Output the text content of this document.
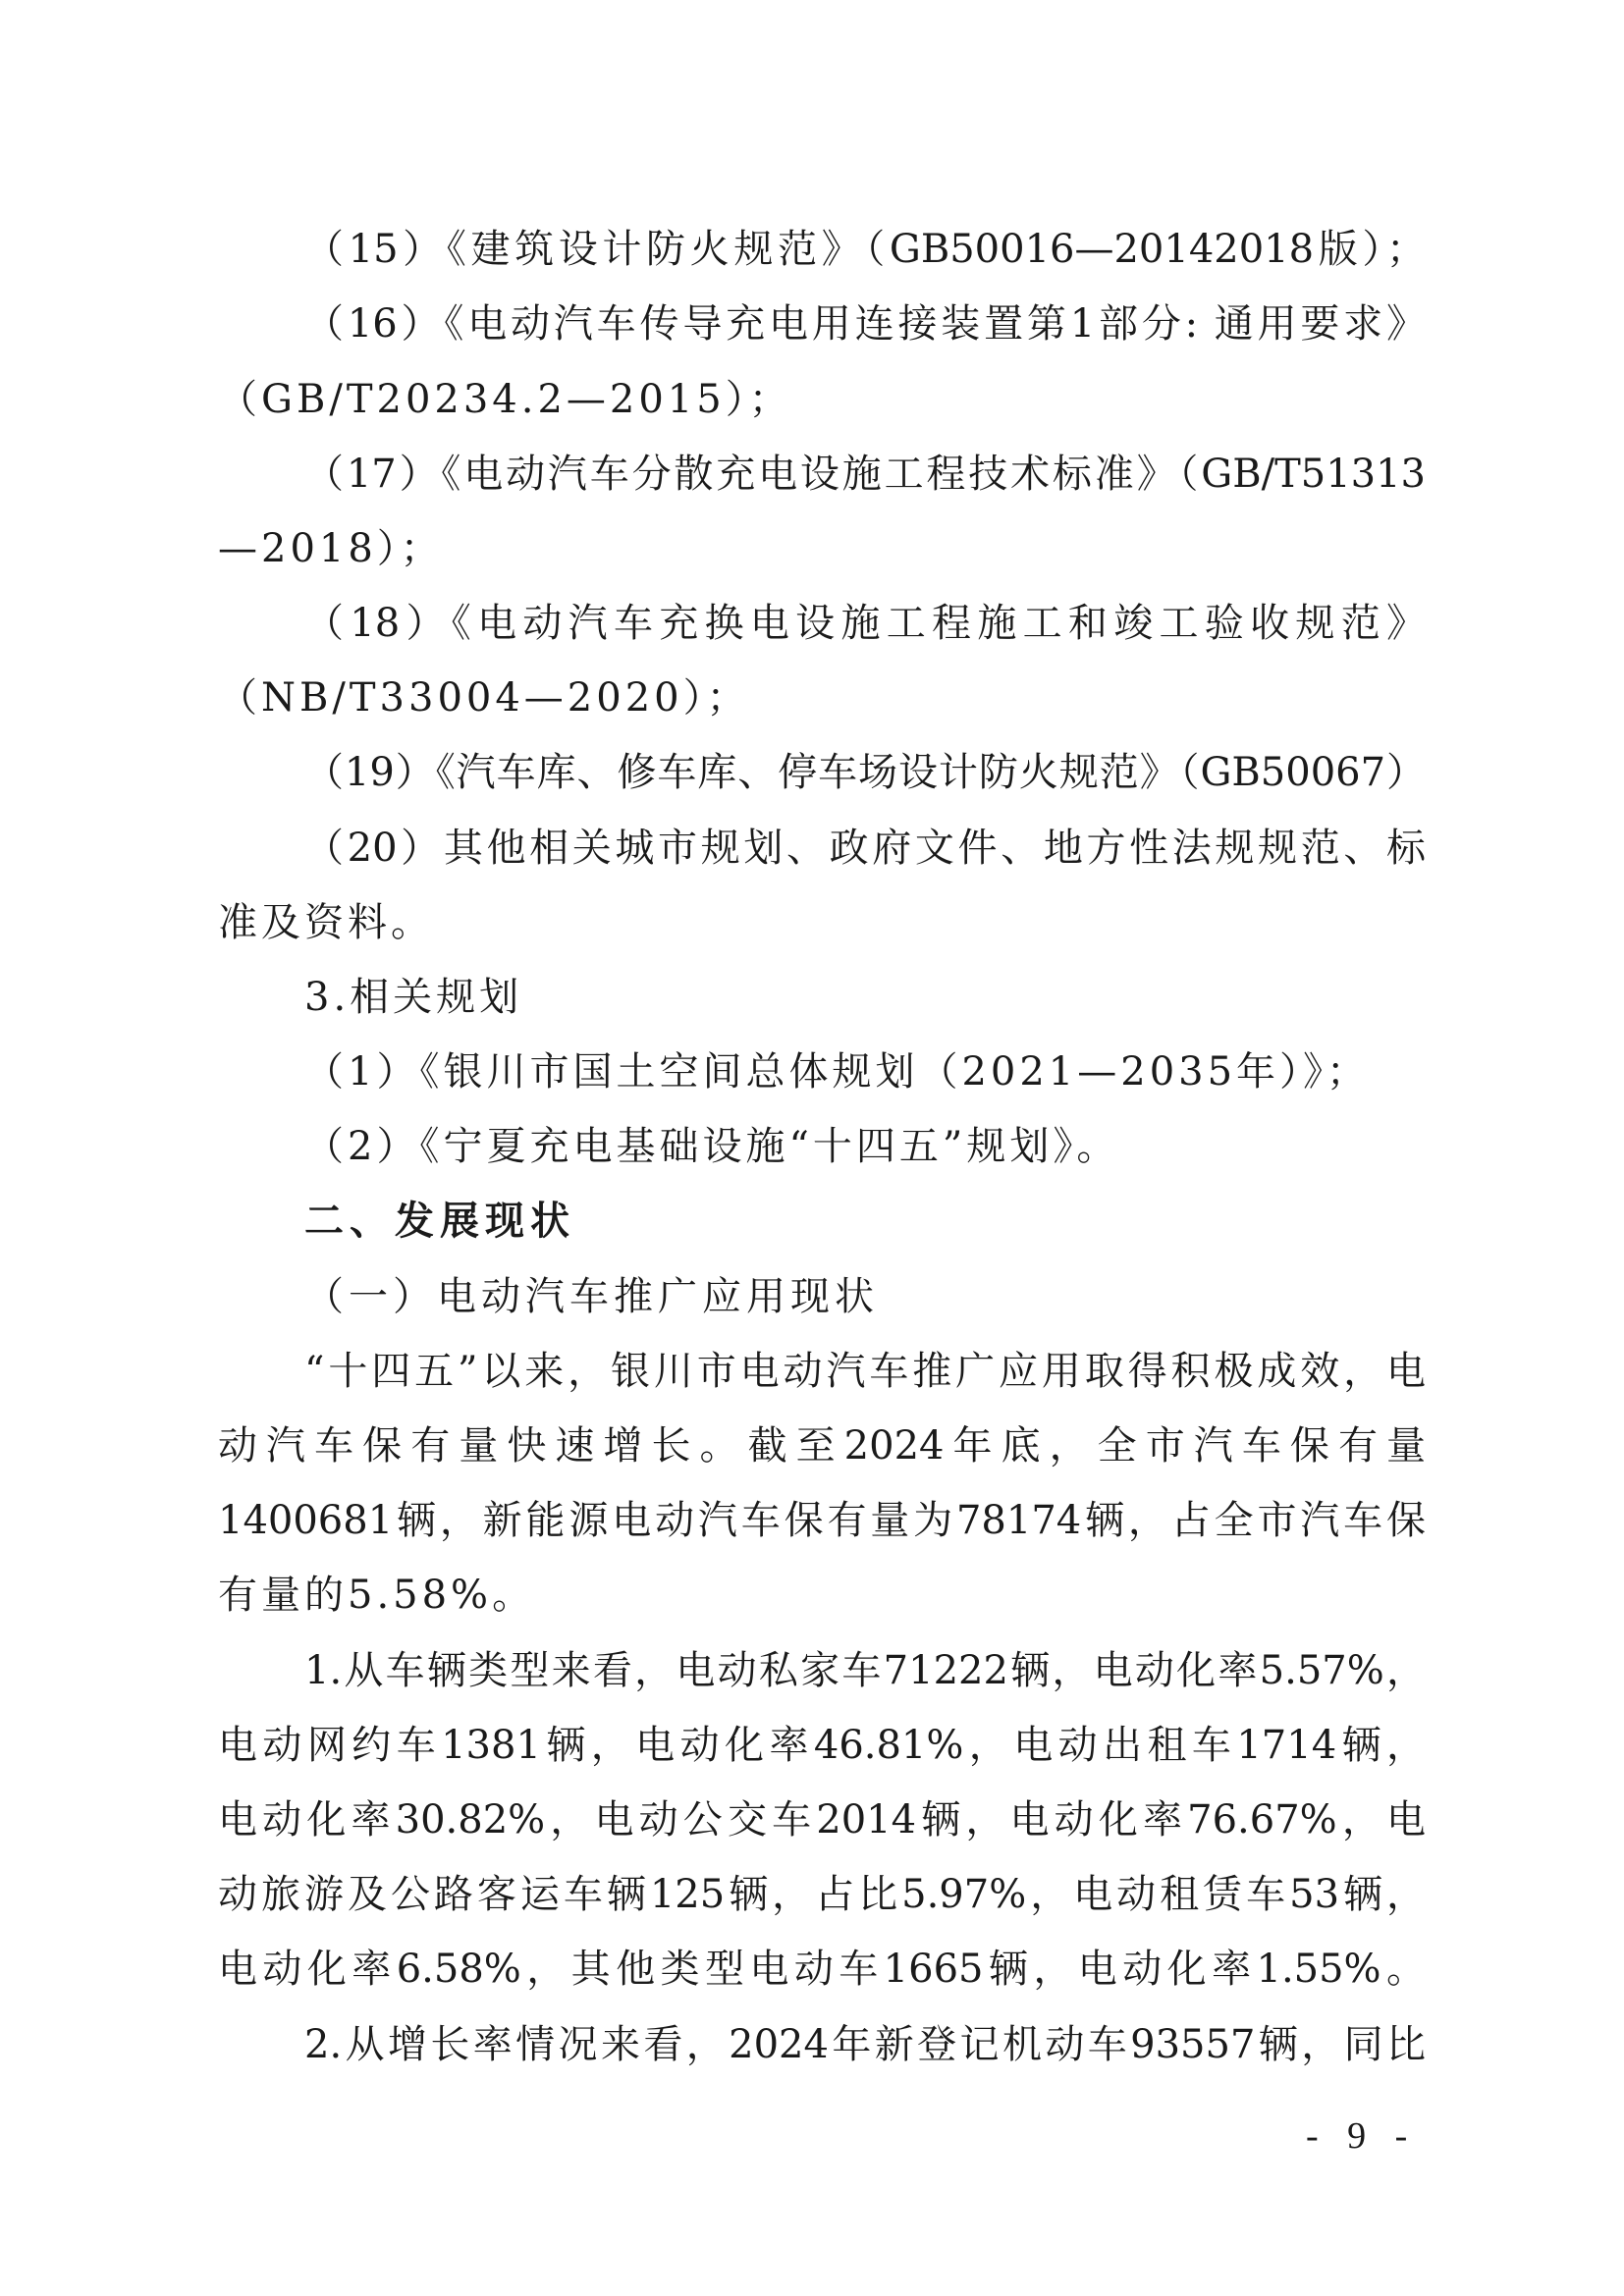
（15）《建筑设计防火规范》（GB50016—20142018版）；
（16）《电动汽车传导充电用连接装置第1部分: 通用要求》
（GB/T20234.2—2015）；
（17）《电动汽车分散充电设施工程技术标准》（GB/T51313
—2018）；
（18）《电动汽车充换电设施工程施工和竣工验收规范》
（NB/T33004—2020）；
（19）《汽车库、修车库、停车场设计防火规范》（GB50067）
（20）其他相关城市规划、政府文件、地方性法规规范、标
准及资料。
3.相关规划
（1）《银川市国土空间总体规划（2021—2035年）》；
（2）《宁夏充电基础设施“十四五”规划》。
二、发展现状
（一）电动汽车推广应用现状
“十四五”以来，银川市电动汽车推广应用取得积极成效，电
动汽车保有量快速增长。截至2024年底，全市汽车保有量
1400681辆，新能源电动汽车保有量为78174辆，占全市汽车保
有量的5.58%。
1.从车辆类型来看，电动私家车71222辆，电动化率5.57%，
电动网约车1381辆，电动化率46.81%，电动出租车1714辆，
电动化率30.82%，电动公交车2014辆，电动化率76.67%，电
动旅游及公路客运车辆125辆，占比5.97%，电动租赁车53辆，
电动化率6.58%，其他类型电动车1665辆，电动化率1.55%。
2.从增长率情况来看，2024年新登记机动车93557辆，同比
- 9 -
